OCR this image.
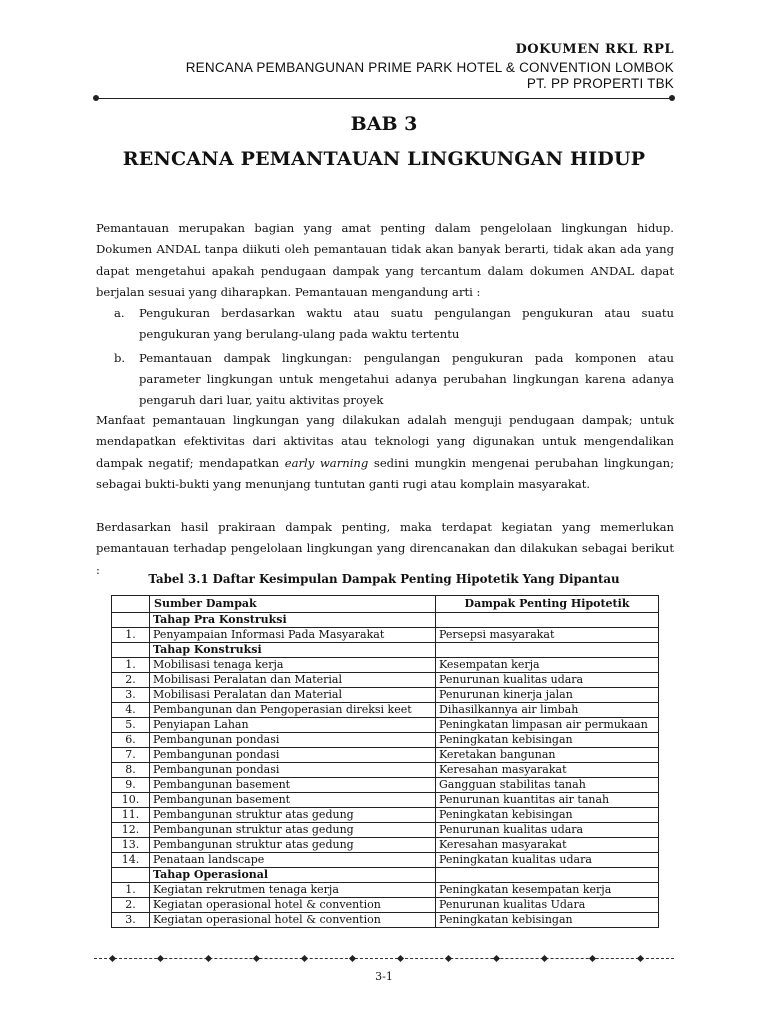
DOKUMEN RKL RPL
RENCANA PEMBANGUNAN PRIME PARK HOTEL & CONVENTION LOMBOK
PT. PP PROPERTI TBK
BAB 3
RENCANA PEMANTAUAN LINGKUNGAN HIDUP
Pemantauan merupakan bagian yang amat penting dalam pengelolaan lingkungan hidup. Dokumen ANDAL tanpa diikuti oleh pemantauan tidak akan banyak berarti, tidak akan ada yang dapat mengetahui apakah pendugaan dampak yang tercantum dalam dokumen ANDAL dapat berjalan sesuai yang diharapkan. Pemantauan mengandung arti :
a. Pengukuran berdasarkan waktu atau suatu pengulangan pengukuran atau suatu pengukuran yang berulang-ulang pada waktu tertentu
b. Pemantauan dampak lingkungan: pengulangan pengukuran pada komponen atau parameter lingkungan untuk mengetahui adanya perubahan lingkungan karena adanya pengaruh dari luar, yaitu aktivitas proyek
Manfaat pemantauan lingkungan yang dilakukan adalah menguji pendugaan dampak; untuk mendapatkan efektivitas dari aktivitas atau teknologi yang digunakan untuk mengendalikan dampak negatif; mendapatkan early warning sedini mungkin mengenai perubahan lingkungan; sebagai bukti-bukti yang menunjang tuntutan ganti rugi atau komplain masyarakat.
Berdasarkan hasil prakiraan dampak penting, maka terdapat kegiatan yang memerlukan pemantauan terhadap pengelolaan lingkungan yang direncanakan dan dilakukan sebagai berikut :
Tabel 3.1 Daftar Kesimpulan Dampak Penting Hipotetik Yang Dipantau
	Sumber Dampak	Dampak Penting Hipotetik
	Tahap Pra Konstruksi	
1.	Penyampaian Informasi Pada Masyarakat	Persepsi masyarakat
	Tahap Konstruksi	
1.	Mobilisasi tenaga kerja	Kesempatan kerja
2.	Mobilisasi Peralatan dan Material	Penurunan kualitas udara
3.	Mobilisasi Peralatan dan Material	Penurunan kinerja jalan
4.	Pembangunan dan Pengoperasian direksi keet	Dihasilkannya air limbah
5.	Penyiapan Lahan	Peningkatan limpasan air permukaan
6.	Pembangunan pondasi	Peningkatan kebisingan
7.	Pembangunan pondasi	Keretakan bangunan
8.	Pembangunan pondasi	Keresahan masyarakat
9.	Pembangunan basement	Gangguan stabilitas tanah
10.	Pembangunan basement	Penurunan kuantitas air tanah
11.	Pembangunan struktur atas gedung	Peningkatan kebisingan
12.	Pembangunan struktur atas gedung	Penurunan kualitas udara
13.	Pembangunan struktur atas gedung	Keresahan masyarakat
14.	Penataan landscape	Peningkatan kualitas udara
	Tahap Operasional	
1.	Kegiatan rekrutmen tenaga kerja	Peningkatan kesempatan kerja
2.	Kegiatan operasional hotel & convention	Penurunan kualitas Udara
3.	Kegiatan operasional hotel & convention	Peningkatan kebisingan
3-1
